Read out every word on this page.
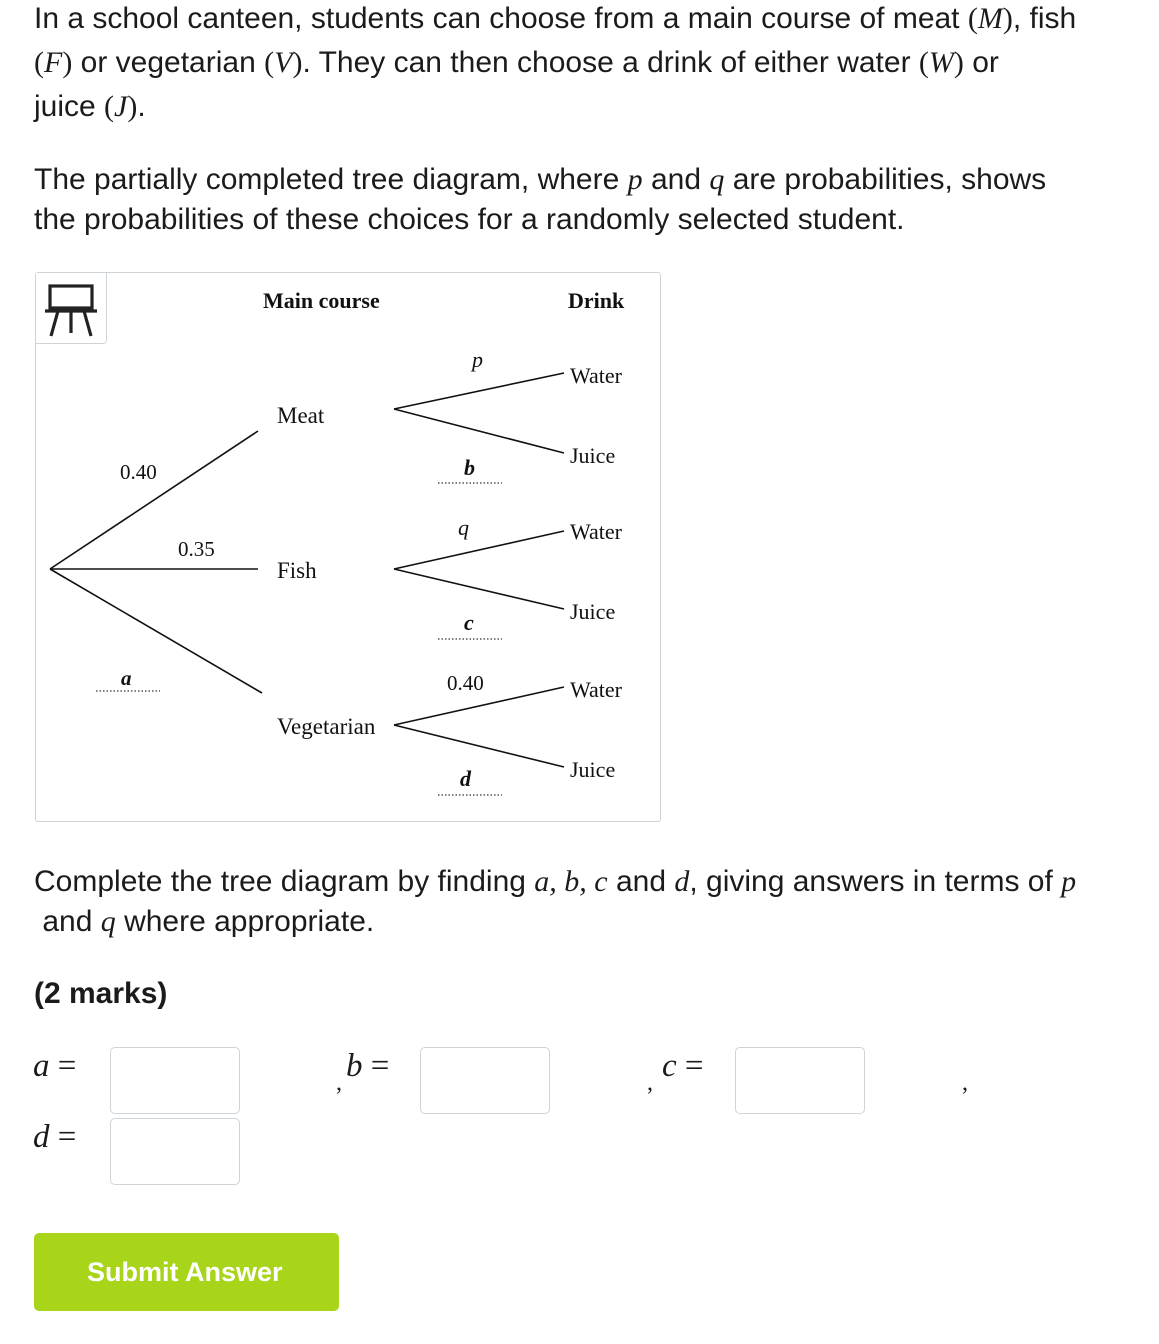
In a school canteen, students can choose from a main course of meat (M), fish
(F) or vegetarian (V). They can then choose a drink of either water (W) or
juice (J).

The partially completed tree diagram, where p and q are probabilities, shows
the probabilities of these choices for a randomly selected student.

Main course	Drink
Meat
Fish
Vegetarian
0.40
0.35
a
p
b
q
c
0.40
d
Water
Juice
Water
Juice
Water
Juice

Complete the tree diagram by finding a, b, c and d, giving answers in terms of p
and q where appropriate.

(2 marks)

a =	, b =	, c =	,
d =
Submit Answer
